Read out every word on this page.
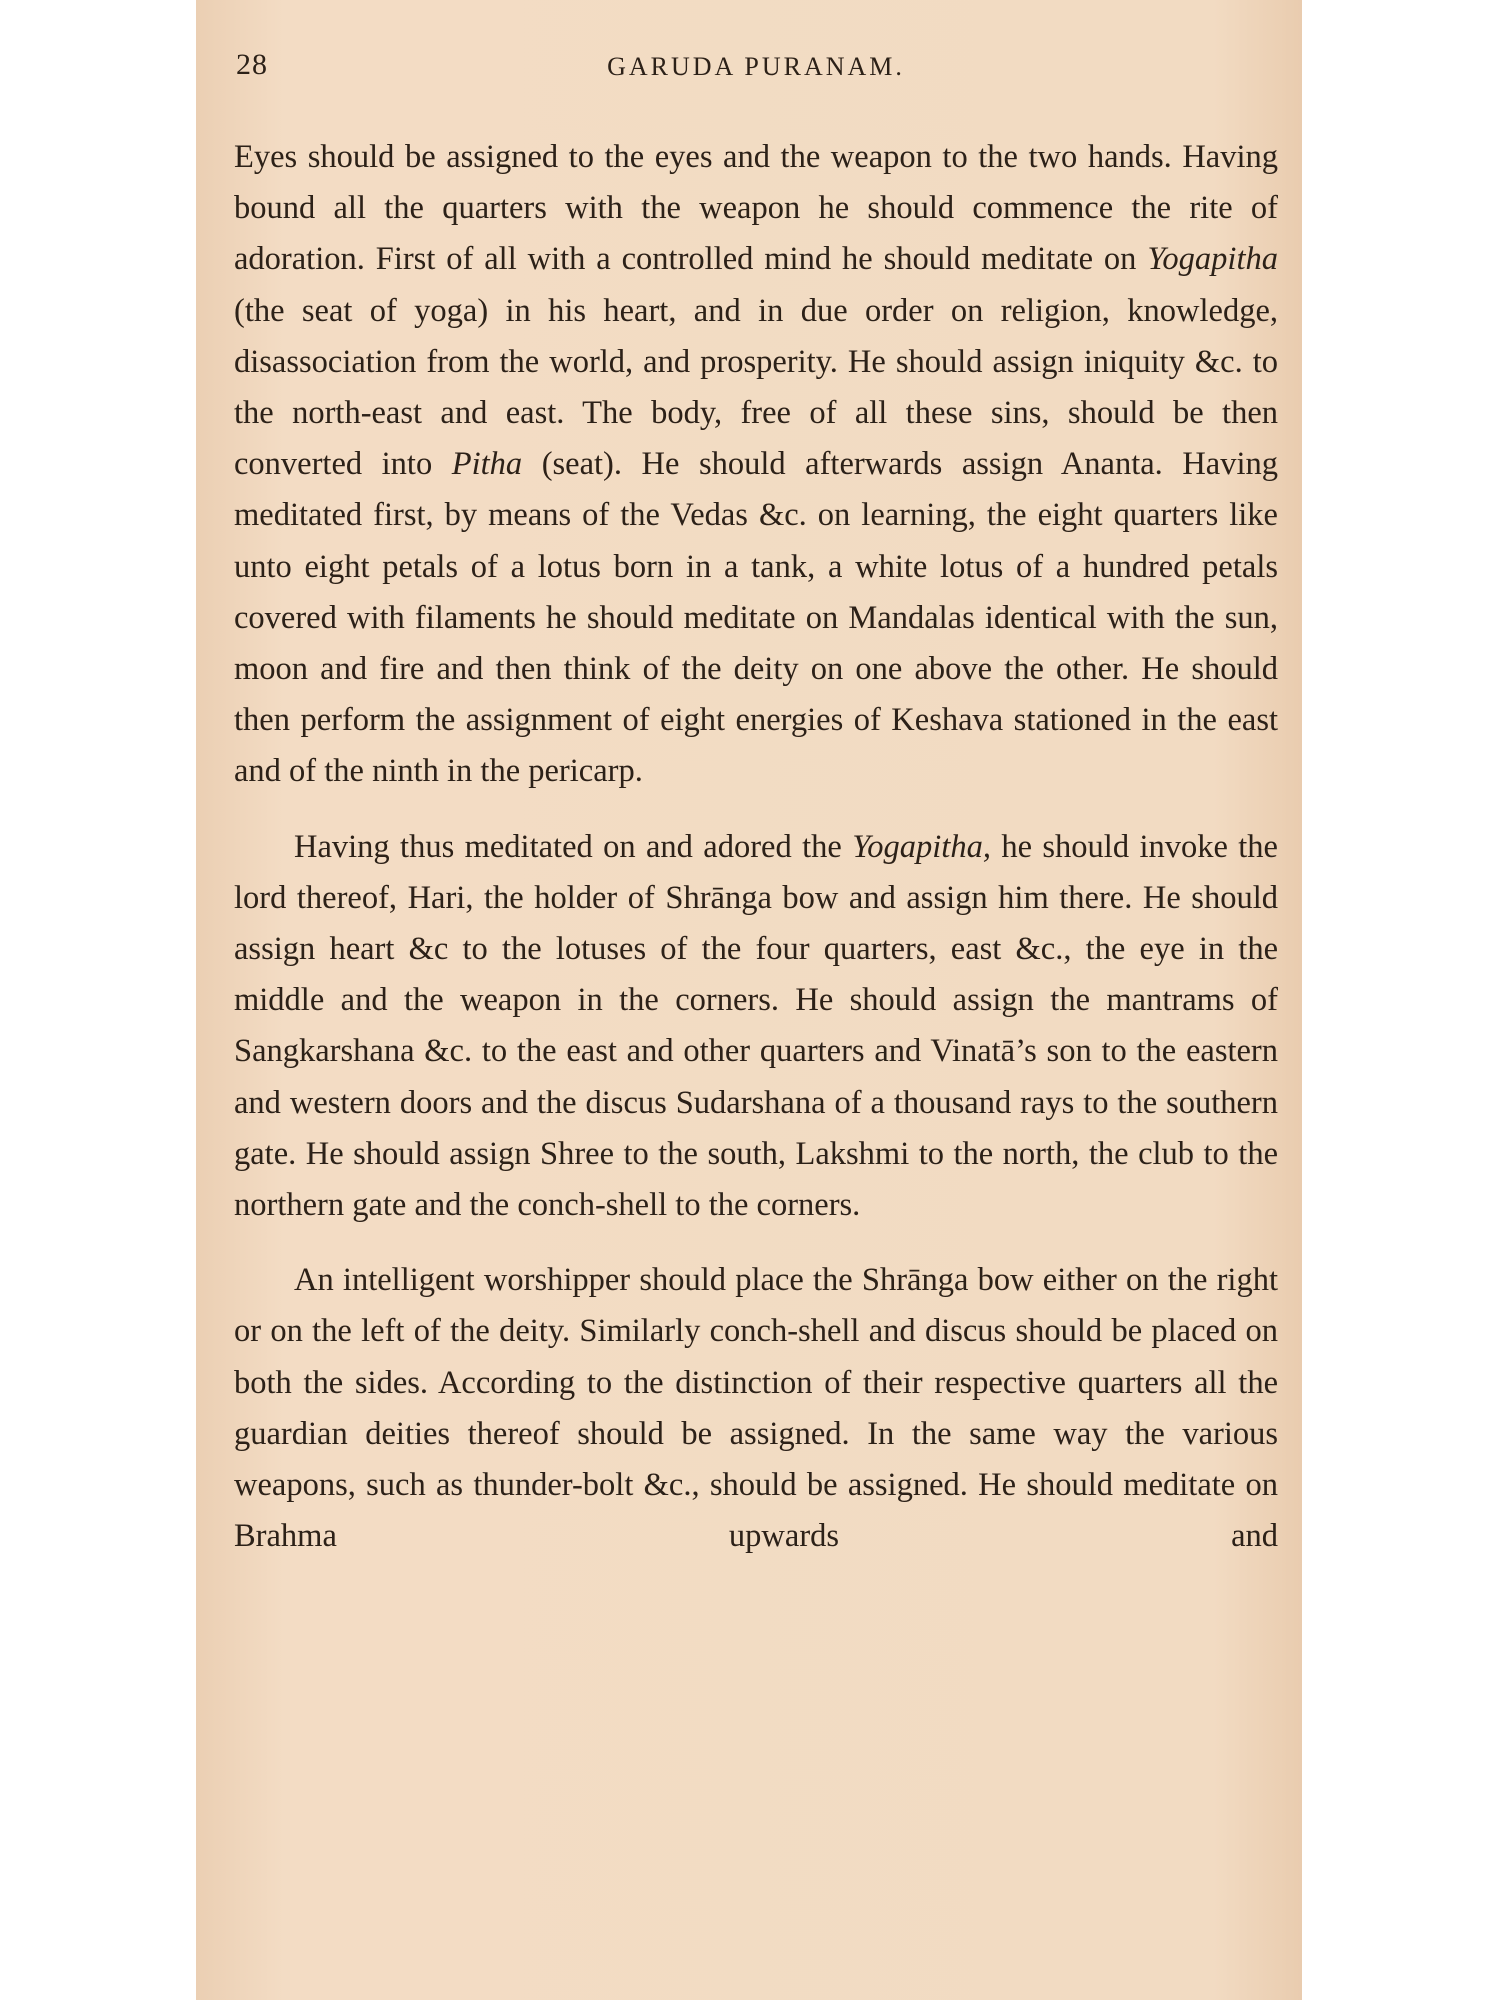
28	GARUDA PURANAM.

Eyes should be assigned to the eyes and the weapon to the two hands. Having bound all the quarters with the weapon he should commence the rite of adoration. First of all with a controlled mind he should meditate on Yogapitha (the seat of yoga) in his heart, and in due order on religion, knowledge, disassociation from the world, and prosperity. He should assign iniquity &c. to the north-east and east. The body, free of all these sins, should be then converted into Pitha (seat). He should afterwards assign Ananta. Having meditated first, by means of the Vedas &c. on learning, the eight quarters like unto eight petals of a lotus born in a tank, a white lotus of a hundred petals covered with filaments he should meditate on Mandalas identical with the sun, moon and fire and then think of the deity on one above the other. He should then perform the assignment of eight energies of Keshava stationed in the east and of the ninth in the pericarp.

Having thus meditated on and adored the Yogapitha, he should invoke the lord thereof, Hari, the holder of Shrānga bow and assign him there. He should assign heart &c to the lotuses of the four quarters, east &c., the eye in the middle and the weapon in the corners. He should assign the mantrams of Sangkarshana &c. to the east and other quarters and Vinatā’s son to the eastern and western doors and the discus Sudarshana of a thousand rays to the southern gate. He should assign Shree to the south, Lakshmi to the north, the club to the northern gate and the conch-shell to the corners.

An intelligent worshipper should place the Shrānga bow either on the right or on the left of the deity. Similarly conch-shell and discus should be placed on both the sides. According to the distinction of their respective quarters all the guardian deities thereof should be assigned. In the same way the various weapons, such as thunder-bolt &c., should be assigned. He should meditate on Brahma upwards and
